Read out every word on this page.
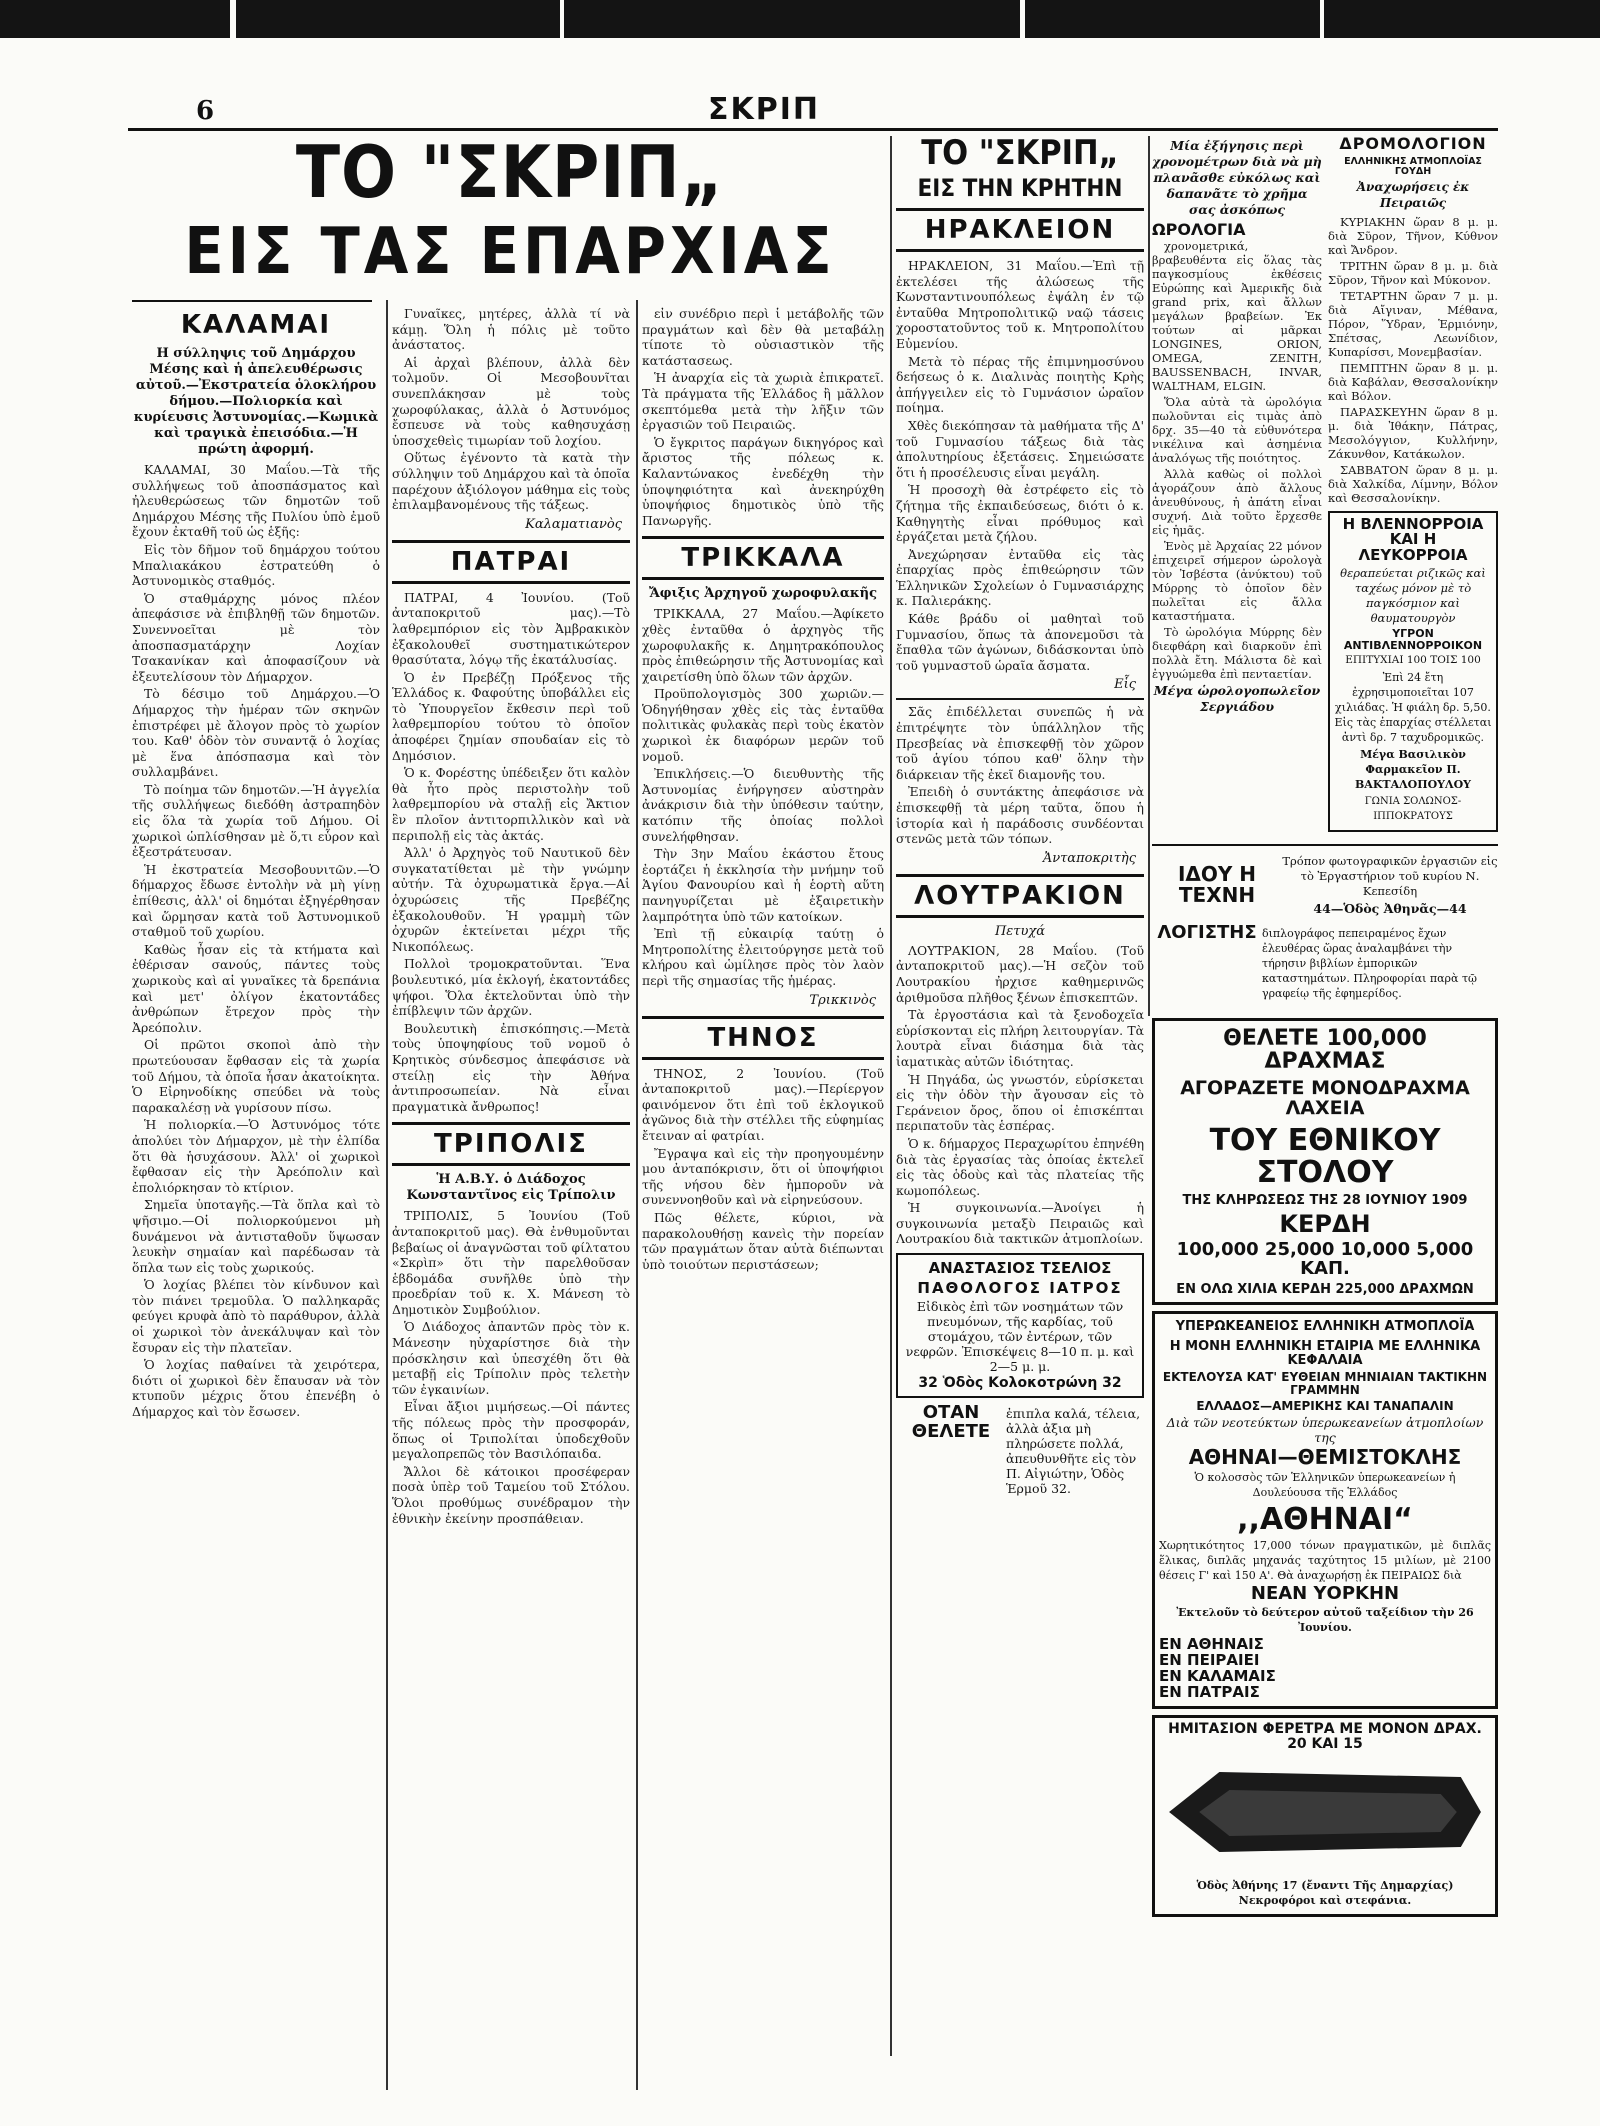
6	ΣΚΡΙΠ
ΤΟ "ΣΚΡΙΠ„
ΕΙΣ ΤΑΣ ΕΠΑΡΧΙΑΣ
ΚΑΛΑΜΑΙ
Η σύλληψις τοῦ Δημάρχου Μέσης καὶ ἡ ἀπελευθέρωσις αὐτοῦ.—Ἐκστρατεία ὁλοκλήρου δήμου.—Πολιορκία καὶ κυρίευσις Ἀστυνομίας.—Κωμικὰ καὶ τραγικὰ ἐπεισόδια.—Ἡ πρώτη ἀφορμή.

ΚΑΛΑΜΑΙ, 30 Μαΐου.—Τὰ τῆς συλλήψεως τοῦ ἀποσπάσματος καὶ ἠλευθερώσεως τῶν δημοτῶν τοῦ Δημάρχου Μέσης τῆς Πυλίου ὑπὸ ἐμοῦ ἔχουν ἐκταθῆ τοῦ ὡς ἑξῆς:

Εἰς τὸν δῆμον τοῦ δημάρχου τούτου Μπαλιακάκου ἐστρατεύθη ὁ Ἀστυνομικὸς σταθμός.

Ὁ σταθμάρχης μόνος πλέον ἀπεφάσισε νὰ ἐπιβληθῇ τῶν δημοτῶν. Συνεννοεῖται μὲ τὸν ἀποσπασματάρχην Λοχίαν Τσακανίκαν καὶ ἀποφασίζουν νὰ ἐξευτελίσουν τὸν Δήμαρχον.

Τὸ δέσιμο τοῦ Δημάρχου.—Ὁ Δήμαρχος τὴν ἡμέραν τῶν σκηνῶν ἐπιστρέφει μὲ ἄλογον πρὸς τὸ χωρίον του. Καθ' ὁδὸν τὸν συναντᾷ ὁ λοχίας μὲ ἕνα ἀπόσπασμα καὶ τὸν συλλαμβάνει.

Τὸ ποίημα τῶν δημοτῶν.—Ἡ ἀγγελία τῆς συλλήψεως διεδόθη ἀστραπηδὸν εἰς ὅλα τὰ χωρία τοῦ Δήμου. Οἱ χωρικοὶ ὡπλίσθησαν μὲ ὅ,τι εὗρον καὶ ἐξεστράτευσαν.

Ἡ ἐκστρατεία Μεσοβουνιτῶν.—Ὁ δήμαρχος ἔδωσε ἐντολὴν νὰ μὴ γίνῃ ἐπίθεσις, ἀλλ' οἱ δημόται ἐξηγέρθησαν καὶ ὥρμησαν κατὰ τοῦ Ἀστυνομικοῦ σταθμοῦ τοῦ χωρίου.

Καθὼς ἦσαν εἰς τὰ κτήματα καὶ ἐθέρισαν σανούς, πάντες τοὺς χωρικοὺς καὶ αἱ γυναῖκες τὰ δρεπάνια καὶ μετ' ὀλίγον ἑκατοντάδες ἀνθρώπων ἔτρεχον πρὸς τὴν Ἀρεόπολιν.

Οἱ πρῶτοι σκοποὶ ἀπὸ τὴν πρωτεύουσαν ἔφθασαν εἰς τὰ χωρία τοῦ Δήμου, τὰ ὁποῖα ἦσαν ἀκατοίκητα. Ὁ Εἰρηνοδίκης σπεύδει νὰ τοὺς παρακαλέσῃ νὰ γυρίσουν πίσω.

Ἡ πολιορκία.—Ὁ Ἀστυνόμος τότε ἀπολύει τὸν Δήμαρχον, μὲ τὴν ἐλπίδα ὅτι θὰ ἡσυχάσουν. Ἀλλ' οἱ χωρικοὶ ἔφθασαν εἰς τὴν Ἀρεόπολιν καὶ ἐπολιόρκησαν τὸ κτίριον.

Σημεῖα ὑποταγῆς.—Τὰ ὅπλα καὶ τὸ ψῆσιμο.—Οἱ πολιορκούμενοι μὴ δυνάμενοι νὰ ἀντισταθοῦν ὕψωσαν λευκὴν σημαίαν καὶ παρέδωσαν τὰ ὅπλα των εἰς τοὺς χωρικούς.

Ὁ λοχίας βλέπει τὸν κίνδυνον καὶ τὸν πιάνει τρεμοῦλα. Ὁ παλληκαρᾶς φεύγει κρυφὰ ἀπὸ τὸ παράθυρον, ἀλλὰ οἱ χωρικοὶ τὸν ἀνεκάλυψαν καὶ τὸν ἔσυραν εἰς τὴν πλατεῖαν.

Ὁ λοχίας παθαίνει τὰ χειρότερα, διότι οἱ χωρικοὶ δὲν ἔπαυσαν νὰ τὸν κτυποῦν μέχρις ὅτου ἐπενέβη ὁ Δήμαρχος καὶ τὸν ἔσωσεν.

Γυναῖκες, μητέρες, ἀλλὰ τί νὰ κάμῃ. Ὅλη ἡ πόλις μὲ τοῦτο ἀνάστατος.

Αἱ ἀρχαὶ βλέπουν, ἀλλὰ δὲν τολμοῦν. Οἱ Μεσοβουνῖται συνεπλάκησαν μὲ τοὺς χωροφύλακας, ἀλλὰ ὁ Ἀστυνόμος ἔσπευσε νὰ τοὺς καθησυχάσῃ ὑποσχεθεὶς τιμωρίαν τοῦ λοχίου.

Οὕτως ἐγένοντο τὰ κατὰ τὴν σύλληψιν τοῦ Δημάρχου καὶ τὰ ὁποῖα παρέχουν ἀξιόλογον μάθημα εἰς τοὺς ἐπιλαμβανομένους τῆς τάξεως.

Καλαματιανὸς
ΠΑΤΡΑΙ

ΠΑΤΡΑΙ, 4 Ἰουνίου. (Τοῦ ἀνταποκριτοῦ μας).—Τὸ λαθρεμπόριον εἰς τὸν Ἀμβρακικὸν ἐξακολουθεῖ συστηματικώτερον θρασύτατα, λόγῳ τῆς ἐκατάλυσίας.

Ὁ ἐν Πρεβέζῃ Πρόξενος τῆς Ἑλλάδος κ. Φαφούτης ὑποβάλλει εἰς τὸ Ὑπουργεῖον ἔκθεσιν περὶ τοῦ λαθρεμπορίου τούτου τὸ ὁποῖον ἀποφέρει ζημίαν σπουδαίαν εἰς τὸ Δημόσιον.

Ὁ κ. Φορέστης ὑπέδειξεν ὅτι καλὸν θὰ ἦτο πρὸς περιστολὴν τοῦ λαθρεμπορίου νὰ σταλῇ εἰς Ἄκτιον ἓν πλοῖον ἀντιτορπιλλικὸν καὶ νὰ περιπολῇ εἰς τὰς ἀκτάς.

Ἀλλ' ὁ Ἀρχηγὸς τοῦ Ναυτικοῦ δὲν συγκατατίθεται μὲ τὴν γνώμην αὐτήν. Τὰ ὀχυρωματικὰ ἔργα.—Αἱ ὀχυρώσεις τῆς Πρεβέζης ἐξακολουθοῦν. Ἡ γραμμὴ τῶν ὀχυρῶν ἐκτείνεται μέχρι τῆς Νικοπόλεως.

Πολλοὶ τρομοκρατοῦνται. Ἕνα βουλευτικό, μία ἐκλογή, ἑκατοντάδες ψήφοι. Ὅλα ἐκτελοῦνται ὑπὸ τὴν ἐπίβλεψιν τῶν ἀρχῶν.

Βουλευτικὴ ἐπισκόπησις.—Μετὰ τοὺς ὑποψηφίους τοῦ νομοῦ ὁ Κρητικὸς σύνδεσμος ἀπεφάσισε νὰ στείλῃ εἰς τὴν Ἀθήνα ἀντιπροσωπείαν. Νὰ εἶναι πραγματικὰ ἄνθρωπος!

ΤΡΙΠΟΛΙΣ
Ἡ Α.Β.Υ. ὁ Διάδοχος Κωνσταντῖνος εἰς Τρίπολιν

ΤΡΙΠΟΛΙΣ, 5 Ἰουνίου (Τοῦ ἀνταποκριτοῦ μας). Θὰ ἐνθυμοῦνται βεβαίως οἱ ἀναγνῶσται τοῦ φίλτατου «Σκρὶπ» ὅτι τὴν παρελθοῦσαν ἑβδομάδα συνῆλθε ὑπὸ τὴν προεδρίαν τοῦ κ. Χ. Μάνεση τὸ Δημοτικὸν Συμβούλιον.

Ὁ Διάδοχος ἀπαντῶν πρὸς τὸν κ. Μάνεσην ηὐχαρίστησε διὰ τὴν πρόσκλησιν καὶ ὑπεσχέθη ὅτι θὰ μεταβῇ εἰς Τρίπολιν πρὸς τελετὴν τῶν ἐγκαινίων.

Εἶναι ἄξιοι μιμήσεως.—Οἱ πάντες τῆς πόλεως πρὸς τὴν προσφοράν, ὅπως οἱ Τριπολίται ὑποδεχθοῦν μεγαλοπρεπῶς τὸν Βασιλόπαιδα.

Ἄλλοι δὲ κάτοικοι προσέφεραν ποσὰ ὑπὲρ τοῦ Ταμείου τοῦ Στόλου. Ὅλοι προθύμως συνέδραμον τὴν ἐθνικὴν ἐκείνην προσπάθειαν.

εἰν συνέδριο περὶ ἱ μετάβολῆς τῶν πραγμάτων καὶ δὲν θὰ μεταβάλῃ τίποτε τὸ οὐσιαστικὸν τῆς κατάστασεως.

Ἡ ἀναρχία εἰς τὰ χωριὰ ἐπικρατεῖ. Τὰ πράγματα τῆς Ἑλλάδος ἢ μᾶλλον σκεπτόμεθα μετὰ τὴν λῆξιν τῶν ἐργασιῶν τοῦ Πειραιῶς.

Ὁ ἔγκριτος παράγων δικηγόρος καὶ ἄριστος τῆς πόλεως κ. Καλαντώνακος ἐνεδέχθη τὴν ὑποψηφιότητα καὶ ἀνεκηρύχθη ὑποψήφιος δημοτικὸς ὑπὸ τῆς Πανωργῆς.

ΤΡΙΚΚΑΛΑ
Ἄφιξις Ἀρχηγοῦ χωροφυλακῆς

ΤΡΙΚΚΑΛΑ, 27 Μαΐου.—Ἀφίκετο χθὲς ἐνταῦθα ὁ ἀρχηγὸς τῆς χωροφυλακῆς κ. Δημητρακόπουλος πρὸς ἐπιθεώρησιν τῆς Ἀστυνομίας καὶ χαιρετίσθη ὑπὸ ὅλων τῶν ἀρχῶν.

Προϋπολογισμὸς 300 χωριῶν.—Ὁδηγήθησαν χθὲς εἰς τὰς ἐνταῦθα πολιτικὰς φυλακὰς περὶ τοὺς ἑκατὸν χωρικοὶ ἐκ διαφόρων μερῶν τοῦ νομοῦ.

Ἐπικλήσεις.—Ὁ διευθυντὴς τῆς Ἀστυνομίας ἐνήργησεν αὐστηρὰν ἀνάκρισιν διὰ τὴν ὑπόθεσιν ταύτην, κατόπιν τῆς ὁποίας πολλοὶ συνελήφθησαν.

Τὴν 3ην Μαΐου ἑκάστου ἔτους ἐορτάζει ἡ ἐκκλησία τὴν μνήμην τοῦ Ἁγίου Φανουρίου καὶ ἡ ἑορτὴ αὕτη πανηγυρίζεται μὲ ἐξαιρετικὴν λαμπρότητα ὑπὸ τῶν κατοίκων.

Ἐπὶ τῇ εὐκαιρίᾳ ταύτῃ ὁ Μητροπολίτης ἐλειτούργησε μετὰ τοῦ κλήρου καὶ ὡμίλησε πρὸς τὸν λαὸν περὶ τῆς σημασίας τῆς ἡμέρας.

Τρικκινὸς
ΤΗΝΟΣ

ΤΗΝΟΣ, 2 Ἰουνίου. (Τοῦ ἀνταποκριτοῦ μας).—Περίεργον φαινόμενον ὅτι ἐπὶ τοῦ ἐκλογικοῦ ἀγῶνος διὰ τὴν στέλλει τῆς εὐφημίας ἔτειναν αἱ φατρίαι.

Ἔγραψα καὶ εἰς τὴν προηγουμένην μου ἀνταπόκρισιν, ὅτι οἱ ὑποψήφιοι τῆς νήσου δὲν ἠμποροῦν νὰ συνεννοηθοῦν καὶ νὰ εἰρηνεύσουν.

Πῶς θέλετε, κύριοι, νὰ παρακολουθήσῃ κανεὶς τὴν πορείαν τῶν πραγμάτων ὅταν αὐτὰ διέπωνται ὑπὸ τοιούτων περιστάσεων;

ΤΟ "ΣΚΡΙΠ„
ΕΙΣ ΤΗΝ ΚΡΗΤΗΝ
ΗΡΑΚΛΕΙΟΝ

ΗΡΑΚΛΕΙΟΝ, 31 Μαΐου.—Ἐπὶ τῇ ἐκτελέσει τῆς ἀλώσεως τῆς Κωνσταντινουπόλεως ἐψάλη ἐν τῷ ἐνταῦθα Μητροπολιτικῷ ναῷ τάσεις χοροστατοῦντος τοῦ κ. Μητροπολίτου Εὐμενίου.

Μετὰ τὸ πέρας τῆς ἐπιμνημοσύνου δεήσεως ὁ κ. Διαλινὰς ποιητὴς Κρὴς ἀπήγγειλεν εἰς τὸ Γυμνάσιον ὡραῖον ποίημα.

Χθὲς διεκόπησαν τὰ μαθήματα τῆς Δ' τοῦ Γυμνασίου τάξεως διὰ τὰς ἀπολυτηρίους ἐξετάσεις. Σημειώσατε ὅτι ἡ προσέλευσις εἶναι μεγάλη.

Ἡ προσοχὴ θὰ ἐστρέφετο εἰς τὸ ζήτημα τῆς ἐκπαιδεύσεως, διότι ὁ κ. Καθηγητὴς εἶναι πρόθυμος καὶ ἐργάζεται μετὰ ζήλου.

Ἀνεχώρησαν ἐνταῦθα εἰς τὰς ἐπαρχίας πρὸς ἐπιθεώρησιν τῶν Ἑλληνικῶν Σχολείων ὁ Γυμνασιάρχης κ. Παλιεράκης.

Κάθε βράδυ οἱ μαθηταὶ τοῦ Γυμνασίου, ὅπως τὰ ἀπονεμοῦσι τὰ ἔπαθλα τῶν ἀγώνων, διδάσκονται ὑπὸ τοῦ γυμναστοῦ ὡραῖα ἄσματα.

Εἷς

Σᾶς ἐπιδέλλεται συνεπῶς ἡ νὰ ἐπιτρέψητε τὸν ὑπάλληλον τῆς Πρεσβείας νὰ ἐπισκεφθῇ τὸν χῶρον τοῦ ἁγίου τόπου καθ' ὅλην τὴν διάρκειαν τῆς ἐκεῖ διαμονῆς του.

Ἐπειδὴ ὁ συντάκτης ἀπεφάσισε νὰ ἐπισκεφθῇ τὰ μέρη ταῦτα, ὅπου ἡ ἱστορία καὶ ἡ παράδοσις συνδέονται στενῶς μετὰ τῶν τόπων.

Ἀνταποκριτὴς
ΛΟΥΤΡΑΚΙΟΝ
Πετυχά

ΛΟΥΤΡΑΚΙΟΝ, 28 Μαΐου. (Τοῦ ἀνταποκριτοῦ μας).—Ἡ σεζὸν τοῦ Λουτρακίου ἠρχισε καθημερινῶς ἀριθμοῦσα πλῆθος ξένων ἐπισκεπτῶν.

Τὰ ἐργοστάσια καὶ τὰ ξενοδοχεῖα εὑρίσκονται εἰς πλήρη λειτουργίαν. Τὰ λουτρὰ εἶναι διάσημα διὰ τὰς ἰαματικὰς αὐτῶν ἰδιότητας.

Ἡ Πηγάδα, ὡς γνωστόν, εὑρίσκεται εἰς τὴν ὁδὸν τὴν ἄγουσαν εἰς τὸ Γεράνειον ὄρος, ὅπου οἱ ἐπισκέπται περιπατοῦν τὰς ἑσπέρας.

Ὁ κ. δήμαρχος Περαχωρίτου ἐπηνέθη διὰ τὰς ἐργασίας τὰς ὁποίας ἐκτελεῖ εἰς τὰς ὁδοὺς καὶ τὰς πλατείας τῆς κωμοπόλεως.

Ἡ συγκοινωνία.—Ἀνοίγει ἡ συγκοινωνία μεταξὺ Πειραιῶς καὶ Λουτρακίου διὰ τακτικῶν ἀτμοπλοίων.

ΑΝΑΣΤΑΣΙΟΣ ΤΣΕΛΙΟΣ
ΠΑΘΟΛΟΓΟΣ ΙΑΤΡΟΣ
Εἰδικὸς ἐπὶ τῶν νοσημάτων τῶν πνευμόνων, τῆς καρδίας, τοῦ στομάχου, τῶν ἐντέρων, τῶν νεφρῶν. Ἐπισκέψεις 8—10 π. μ. καὶ 2—5 μ. μ.
32 Ὁδὸς Κολοκοτρώνη 32
ΟΤΑΝ ΘΕΛΕΤΕ
ἐπιπλα καλά, τέλεια, ἀλλὰ ἀξια μὴ πληρώσετε πολλά, ἀπευθυνθῆτε εἰς τὸν Π. Αἰγιώτην, Ὁδὸς Ἑρμοῦ 32.
Μία ἐξήγησις περὶ χρονομέτρων διὰ νὰ μὴ πλανᾶσθε εὐκόλως καὶ δαπανᾶτε τὸ χρῆμα σας ἀσκόπως
ΩΡΟΛΟΓΙΑ

χρονομετρικά, βραβευθέντα εἰς ὅλας τὰς παγκοσμίους ἐκθέσεις Εὐρώπης καὶ Ἀμερικῆς διὰ grand prix, καὶ ἄλλων μεγάλων βραβείων. Ἐκ τούτων αἱ μᾶρκαι LONGINES, ORION, OMEGA, ZENITH, BAUSSENBACH, INVAR, WALTHAM, ELGIN.

Ὅλα αὐτὰ τὰ ὡρολόγια πωλοῦνται εἰς τιμὰς ἀπὸ δρχ. 35—40 τὰ εὐθυνότερα νικέλινα καὶ ἀσημένια ἀναλόγως τῆς ποιότητος.

Ἀλλὰ καθὼς οἱ πολλοὶ ἀγοράζουν ἀπὸ ἄλλους ἀνευθύνους, ἡ ἀπάτη εἶναι συχνή. Διὰ τοῦτο ἔρχεσθε εἰς ἡμᾶς.

Ἑνὸς μὲ Ἀρχαίας 22 μόνον ἐπιχειρεῖ σήμερον ὡρολογὰ τὸν Ἰσβέστα (ἀνύκτου) τοῦ Μύρρης τὸ ὁποῖον δὲν πωλεῖται εἰς ἄλλα καταστήματα.

Τὸ ὡρολόγια Μύρρης δὲν διεφθάρη καὶ διαρκοῦν ἐπὶ πολλὰ ἔτη. Μάλιστα δὲ καὶ ἐγγυώμεθα ἐπὶ πενταετίαν.

Μέγα ὡρολογοπωλεῖον Σεργιάδου
ΔΡΟΜΟΛΟΓΙΟΝ
ΕΛΛΗΝΙΚΗΣ ΑΤΜΟΠΛΟΪΑΣ ΓΟΥΔΗ
Ἀναχωρήσεις ἐκ Πειραιῶς

ΚΥΡΙΑΚΗΝ ὥραν 8 μ. μ. διὰ Σῦρον, Τῆνον, Κύθνον καὶ Ἄνδρον.

ΤΡΙΤΗΝ ὥραν 8 μ. μ. διὰ Σῦρον, Τῆνον καὶ Μύκονον.

ΤΕΤΑΡΤΗΝ ὥραν 7 μ. μ. διὰ Αἴγιναν, Μέθανα, Πόρον, Ὕδραν, Ἑρμιόνην, Σπέτσας, Λεωνίδιον, Κυπαρίσσι, Μονεμβασίαν.

ΠΕΜΠΤΗΝ ὥραν 8 μ. μ. διὰ Καβάλαν, Θεσσαλονίκην καὶ Βόλον.

ΠΑΡΑΣΚΕΥΗΝ ὥραν 8 μ. μ. διὰ Ἰθάκην, Πάτρας, Μεσολόγγιον, Κυλλήνην, Ζάκυνθον, Κατάκωλον.

ΣΑΒΒΑΤΟΝ ὥραν 8 μ. μ. διὰ Χαλκίδα, Λίμνην, Βόλον καὶ Θεσσαλονίκην.

Η ΒΛΕΝΝΟΡΡΟΙΑ
ΚΑΙ Η ΛΕΥΚΟΡΡΟΙΑ
θεραπεύεται ριζικῶς καὶ ταχέως μόνον μὲ τὸ παγκόσμιον καὶ θαυματουργὸν
ΥΓΡΟΝ ΑΝΤΙΒΛΕΝΝΟΡΡΟΙΚΟΝ
ΕΠΙΤΥΧΙΑΙ 100 ΤΟΙΣ 100
Ἐπὶ 24 ἔτη ἐχρησιμοποιεῖται 107 χιλιάδας. Ἡ φιάλη δρ. 5,50. Εἰς τὰς ἐπαρχίας στέλλεται ἀντὶ δρ. 7 ταχυδρομικῶς.
Μέγα Βασιλικὸν Φαρμακεῖον Π. ΒΑΚΤΑΛΟΠΟΥΛΟΥ
ΓΩΝΙΑ ΣΟΛΩΝΟΣ-ΙΠΠΟΚΡΑΤΟΥΣ
ΙΔΟΥ Η ΤΕΧΝΗ
Τρόπον φωτογραφικῶν ἐργασιῶν εἰς τὸ Ἐργαστήριον τοῦ κυρίου Ν. Κεπεσίδη
44—Ὁδὸς Ἀθηνᾶς—44
ΛΟΓΙΣΤΗΣ διπλογράφος πεπειραμένος ἔχων ἐλευθέρας ὥρας ἀναλαμβάνει τὴν τήρησιν βιβλίων ἐμπορικῶν καταστημάτων. Πληροφορίαι παρὰ τῷ γραφείῳ τῆς ἐφημερίδος.
ΘΕΛΕΤΕ 100,000 ΔΡΑΧΜΑΣ
ΑΓΟΡΑΖΕΤΕ ΜΟΝΟΔΡΑΧΜΑ ΛΑΧΕΙΑ
ΤΟΥ ΕΘΝΙΚΟΥ ΣΤΟΛΟΥ
ΤΗΣ ΚΛΗΡΩΣΕΩΣ ΤΗΣ 28 ΙΟΥΝΙΟΥ 1909
ΚΕΡΔΗ
100,000 25,000 10,000 5,000 ΚΑΠ.
ΕΝ ΟΛΩ ΧΙΛΙΑ ΚΕΡΔΗ 225,000 ΔΡΑΧΜΩΝ
ΥΠΕΡΩΚΕΑΝΕΙΟΣ ΕΛΛΗΝΙΚΗ ΑΤΜΟΠΛΟΪΑ
Η ΜΟΝΗ ΕΛΛΗΝΙΚΗ ΕΤΑΙΡΙΑ ΜΕ ΕΛΛΗΝΙΚΑ ΚΕΦΑΛΑΙΑ
ΕΚΤΕΛΟΥΣΑ ΚΑΤ' ΕΥΘΕΙΑΝ ΜΗΝΙΑΙΑΝ ΤΑΚΤΙΚΗΝ ΓΡΑΜΜΗΝ
ΕΛΛΑΔΟΣ—ΑΜΕΡΙΚΗΣ ΚΑΙ ΤΑΝΑΠΑΛΙΝ
Διὰ τῶν νεοτεύκτων ὑπερωκεανείων ἀτμοπλοίων της
ΑΘΗΝΑΙ—ΘΕΜΙΣΤΟΚΛΗΣ
Ὁ κολοσσὸς τῶν Ἑλληνικῶν ὑπερωκεανείων ἡ Δουλεύουσα τῆς Ἑλλάδος
,,ΑΘΗΝΑΙ“
Χωρητικότητος 17,000 τόνων πραγματικῶν, μὲ διπλᾶς ἕλικας, διπλᾶς μηχανάς ταχύτητος 15 μιλίων, μὲ 2100 θέσεις Γ' καὶ 150 Α'. Θὰ ἀναχωρήσῃ ἐκ ΠΕΙΡΑΙΩΣ διὰ
ΝΕΑΝ ΥΟΡΚΗΝ
Ἐκτελοῦν τὸ δεύτερον αὐτοῦ ταξείδιον τὴν 26 Ἰουνίου.
ΕΝ ΑΘΗΝΑΙΣ
ΕΝ ΠΕΙΡΑΙΕΙ
ΕΝ ΚΑΛΑΜΑΙΣ
ΕΝ ΠΑΤΡΑΙΣ
ΗΜΙΤΑΣΙΟΝ ΦΕΡΕΤΡΑ ΜΕ ΜΟΝΟΝ ΔΡΑΧ. 20 ΚΑΙ 15
Ὁδὸς Ἀθήνης 17 (ἔναντι Τῆς Δημαρχίας) Νεκροφόροι καὶ στεφάνια.
